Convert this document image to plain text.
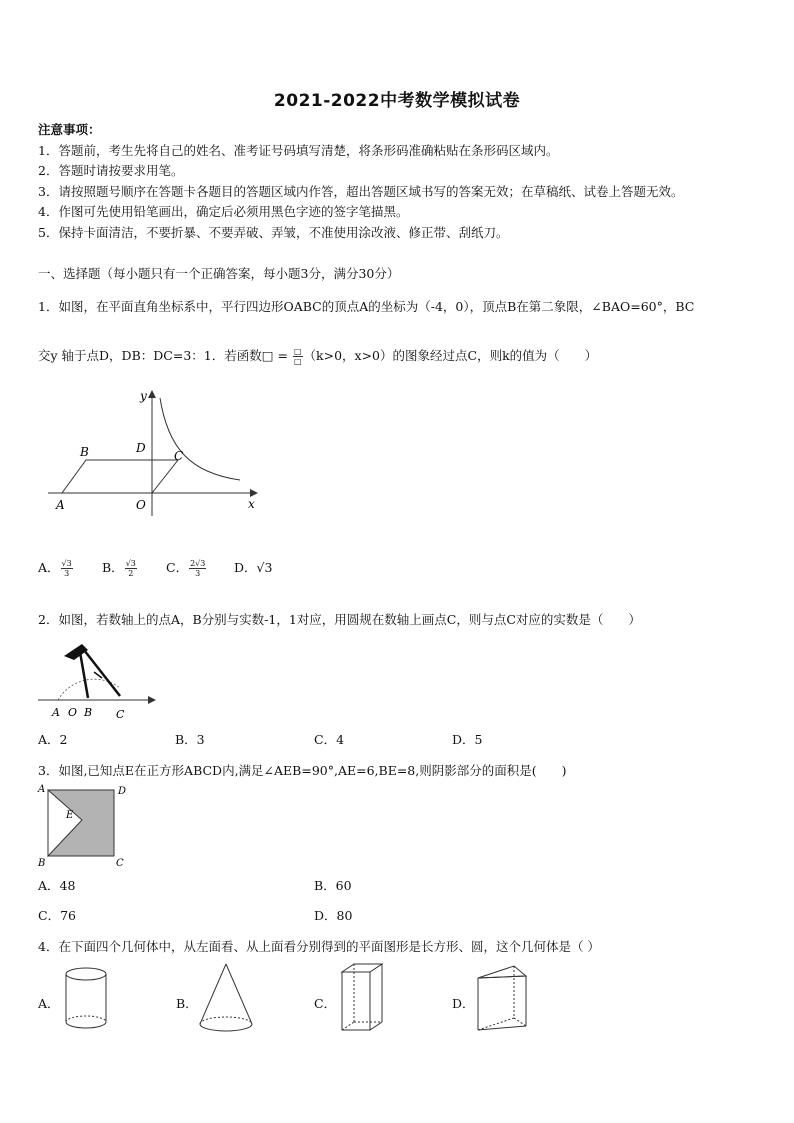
2021-2022中考数学模拟试卷
注意事项：
1．答题前，考生先将自己的姓名、准考证号码填写清楚，将条形码准确粘贴在条形码区域内。
2．答题时请按要求用笔。
3．请按照题号顺序在答题卡各题目的答题区域内作答，超出答题区域书写的答案无效；在草稿纸、试卷上答题无效。
4．作图可先使用铅笔画出，确定后必须用黑色字迹的签字笔描黑。
5．保持卡面清洁，不要折暴、不要弄破、弄皱，不准使用涂改液、修正带、刮纸刀。
一、选择题（每小题只有一个正确答案，每小题3分，满分30分）
1．如图，在平面直角坐标系中，平行四边形OABC的顶点A的坐标为（-4，0），顶点B在第二象限，∠BAO=60°，BC
交y 轴于点D，DB：DC=3：1．若函数□ = $\frac{□}{□} (k>0$，x>0）的图象经过点C，则k的值为（　　）
y
x
B	D
C
A	O
A． $\frac{√3}{3}$ B． $\frac{√3}{2}$ C． $\frac{2√3}{3}$ D．√3
2．如图，若数轴上的点A，B分别与实数-1，1对应，用圆规在数轴上画点C，则与点C对应的实数是（　　）
A O B C
A．2	B．3	C．4	D．5
3．如图,已知点E在正方形ABCD内,满足∠AEB=90°,AE=6,BE=8,则阴影部分的面积是(　　)
A	D
E
B	C
A．48	B．60
C．76	D．80
4．在下面四个几何体中，从左面看、从上面看分别得到的平面图形是长方形、圆，这个几何体是（ ）
A．	B．	C．	D．
